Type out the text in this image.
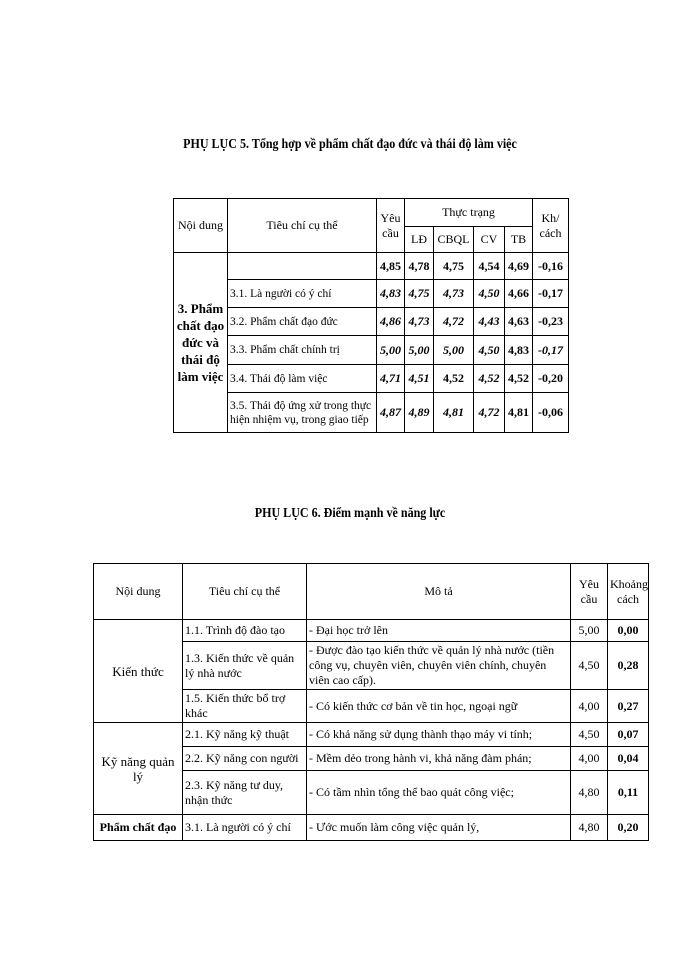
PHỤ LỤC 5. Tổng hợp về phẩm chất đạo đức và thái độ làm việc
Nội dung	Tiêu chí cụ thể	Yêu cầu	Thực trạng				Kh/ cách
			LĐ	CBQL	CV	TB	
3. Phẩm chất đạo đức và thái độ làm việc		4,85	4,78	4,75	4,54	4,69	-0,16
	3.1. Là người có ý chí	4,83	4,75	4,73	4,50	4,66	-0,17
	3.2. Phẩm chất đạo đức	4,86	4,73	4,72	4,43	4,63	-0,23
	3.3. Phẩm chất chính trị	5,00	5,00	5,00	4,50	4,83	-0,17
	3.4. Thái độ làm việc	4,71	4,51	4,52	4,52	4,52	-0,20
	3.5. Thái độ ứng xử trong thực hiện nhiệm vụ, trong giao tiếp	4,87	4,89	4,81	4,72	4,81	-0,06
PHỤ LỤC 6. Điểm mạnh về năng lực
Nội dung	Tiêu chí cụ thể	Mô tả	Yêu cầu	Khoảng cách
Kiến thức	1.1. Trình độ đào tạo	- Đại học trở lên	5,00	0,00
	1.3. Kiến thức về quản lý nhà nước	- Được đào tạo kiến thức về quản lý nhà nước (tiền công vụ, chuyên viên, chuyên viên chính, chuyên viên cao cấp).	4,50	0,28
	1.5. Kiến thức bổ trợ khác	- Có kiến thức cơ bản về tin học, ngoại ngữ	4,00	0,27
Kỹ năng quản lý	2.1. Kỹ năng kỹ thuật	- Có khả năng sử dụng thành thạo máy vi tính;	4,50	0,07
	2.2. Kỹ năng con người	- Mềm dẻo trong hành vi, khả năng đàm phán;	4,00	0,04
	2.3. Kỹ năng tư duy, nhận thức	- Có tầm nhìn tổng thể bao quát công việc;	4,80	0,11
Phẩm chất đạo	3.1. Là người có ý chí	- Ước muốn làm công việc quản lý,	4,80	0,20
